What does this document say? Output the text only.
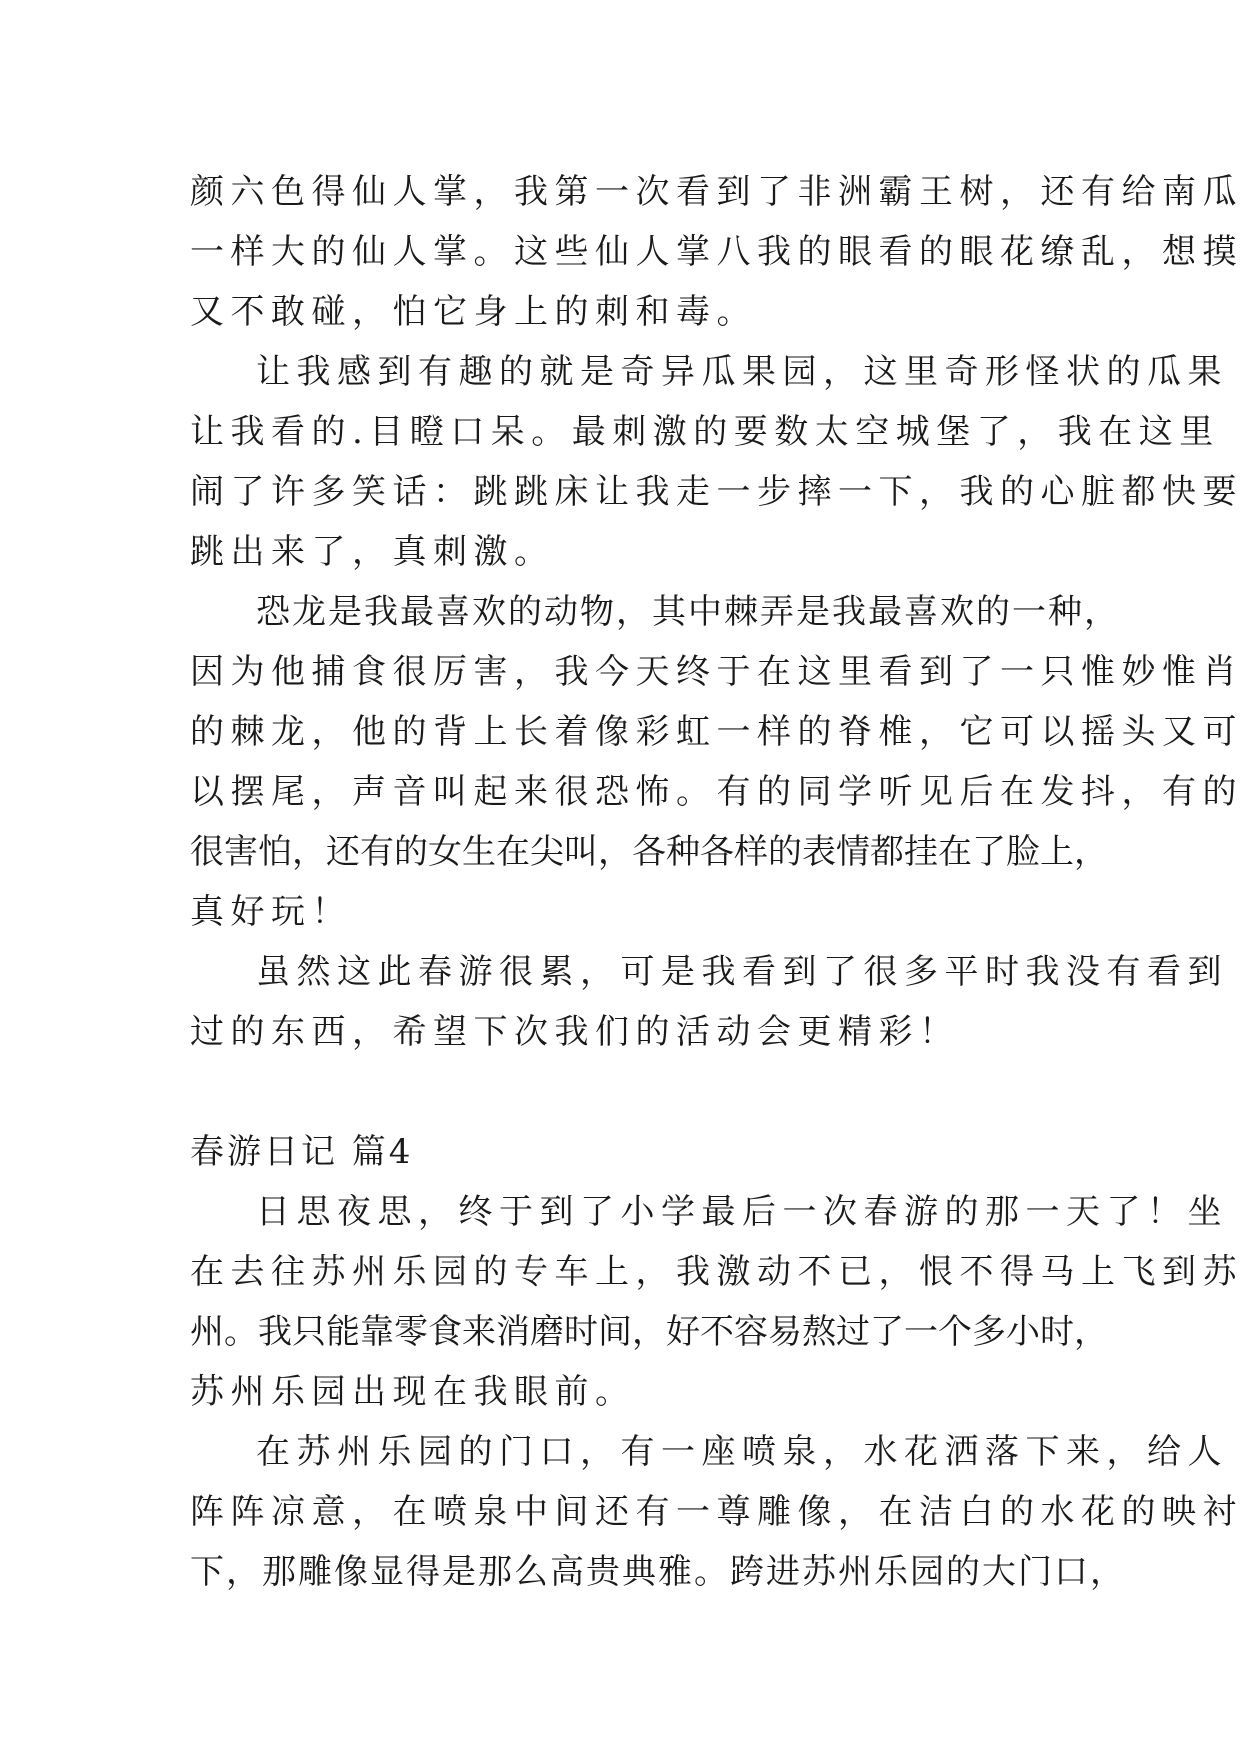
颜六色得仙人掌，我第一次看到了非洲霸王树，还有给南瓜
一样大的仙人掌。这些仙人掌八我的眼看的眼花缭乱，想摸
又不敢碰，怕它身上的刺和毒。
让我感到有趣的就是奇异瓜果园，这里奇形怪状的瓜果
让我看的.目瞪口呆。最刺激的要数太空城堡了，我在这里
闹了许多笑话：跳跳床让我走一步摔一下，我的心脏都快要
跳出来了，真刺激。
恐龙是我最喜欢的动物，其中棘弄是我最喜欢的一种，
因为他捕食很厉害，我今天终于在这里看到了一只惟妙惟肖
的棘龙，他的背上长着像彩虹一样的脊椎，它可以摇头又可
以摆尾，声音叫起来很恐怖。有的同学听见后在发抖，有的
很害怕，还有的女生在尖叫，各种各样的表情都挂在了脸上，
真好玩！
虽然这此春游很累，可是我看到了很多平时我没有看到
过的东西，希望下次我们的活动会更精彩！
春游日记 篇4
日思夜思，终于到了小学最后一次春游的那一天了！坐
在去往苏州乐园的专车上，我激动不已，恨不得马上飞到苏
州。我只能靠零食来消磨时间，好不容易熬过了一个多小时，
苏州乐园出现在我眼前。
在苏州乐园的门口，有一座喷泉，水花洒落下来，给人
阵阵凉意，在喷泉中间还有一尊雕像，在洁白的水花的映衬
下，那雕像显得是那么高贵典雅。跨进苏州乐园的大门口，
